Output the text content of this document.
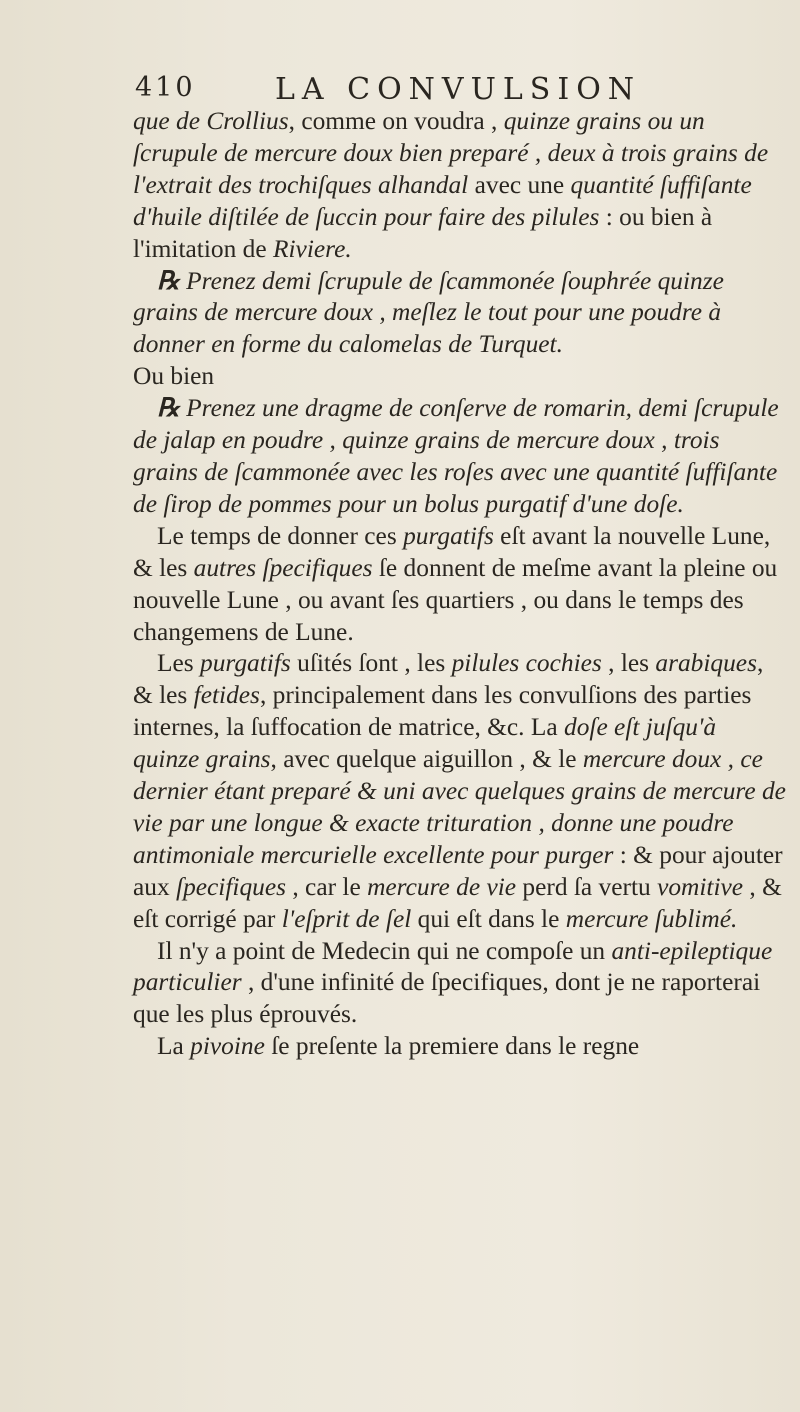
410	LA CONVULSION

que de Crollius, comme on voudra , quinze grains ou un ſcrupule de mercure doux bien preparé , deux à trois grains de l'extrait des trochiſques alhandal avec une quantité ſuffiſante d'huile diſtilée de ſuccin pour faire des pilules : ou bien à l'imitation de Riviere.

℞ Prenez demi ſcrupule de ſcammonée ſouphrée quinze grains de mercure doux , meſlez le tout pour une poudre à donner en forme du calomelas de Turquet.

Ou bien

℞ Prenez une dragme de conſerve de romarin, demi ſcrupule de jalap en poudre , quinze grains de mercure doux , trois grains de ſcammonée avec les roſes avec une quantité ſuffiſante de ſirop de pommes pour un bolus purgatif d'une doſe.

Le temps de donner ces purgatifs eſt avant la nouvelle Lune, & les autres ſpecifiques ſe donnent de meſme avant la pleine ou nouvelle Lune , ou avant ſes quartiers , ou dans le temps des changemens de Lune.

Les purgatifs uſités ſont , les pilules cochies , les arabiques, & les fetides, principalement dans les convulſions des parties internes, la ſuffocation de matrice, &c. La doſe eſt juſqu'à quinze grains, avec quelque aiguillon , & le mercure doux , ce dernier étant preparé & uni avec quelques grains de mercure de vie par une longue & exacte trituration , donne une poudre antimoniale mercurielle excellente pour purger : & pour ajouter aux ſpecifiques , car le mercure de vie perd ſa vertu vomitive , & eſt corrigé par l'eſprit de ſel qui eſt dans le mercure ſublimé.

Il n'y a point de Medecin qui ne compoſe un anti-epileptique particulier , d'une infinité de ſpecifiques, dont je ne raporterai que les plus éprouvés.

La pivoine ſe preſente la premiere dans le regne
